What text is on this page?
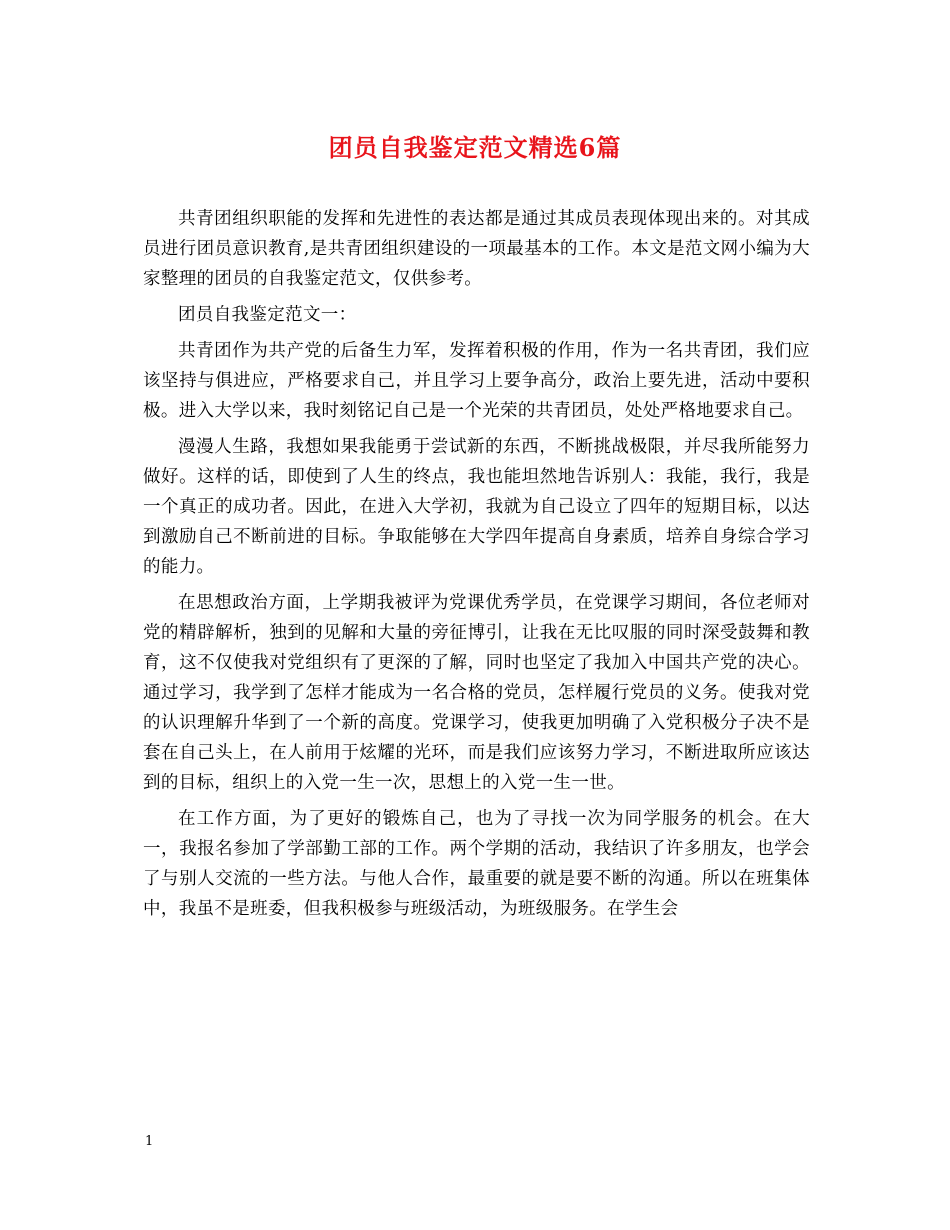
团员自我鉴定范文精选6篇

共青团组织职能的发挥和先进性的表达都是通过其成员表现体现出来的。对其成员进行团员意识教育,是共青团组织建设的一项最基本的工作。本文是范文网小编为大家整理的团员的自我鉴定范文，仅供参考。

团员自我鉴定范文一：

共青团作为共产党的后备生力军，发挥着积极的作用，作为一名共青团，我们应该坚持与俱进应，严格要求自己，并且学习上要争高分，政治上要先进，活动中要积极。进入大学以来，我时刻铭记自己是一个光荣的共青团员，处处严格地要求自己。

漫漫人生路，我想如果我能勇于尝试新的东西，不断挑战极限，并尽我所能努力做好。这样的话，即使到了人生的终点，我也能坦然地告诉别人：我能，我行，我是一个真正的成功者。因此，在进入大学初，我就为自己设立了四年的短期目标，以达到激励自己不断前进的目标。争取能够在大学四年提高自身素质，培养自身综合学习的能力。

在思想政治方面，上学期我被评为党课优秀学员，在党课学习期间，各位老师对党的精辟解析，独到的见解和大量的旁征博引，让我在无比叹服的同时深受鼓舞和教育，这不仅使我对党组织有了更深的了解，同时也坚定了我加入中国共产党的决心。通过学习，我学到了怎样才能成为一名合格的党员，怎样履行党员的义务。使我对党的认识理解升华到了一个新的高度。党课学习，使我更加明确了入党积极分子决不是套在自己头上，在人前用于炫耀的光环，而是我们应该努力学习，不断进取所应该达到的目标，组织上的入党一生一次，思想上的入党一生一世。

在工作方面，为了更好的锻炼自己，也为了寻找一次为同学服务的机会。在大一，我报名参加了学部勤工部的工作。两个学期的活动，我结识了许多朋友，也学会了与别人交流的一些方法。与他人合作，最重要的就是要不断的沟通。所以在班集体中，我虽不是班委，但我积极参与班级活动，为班级服务。在学生会

1
